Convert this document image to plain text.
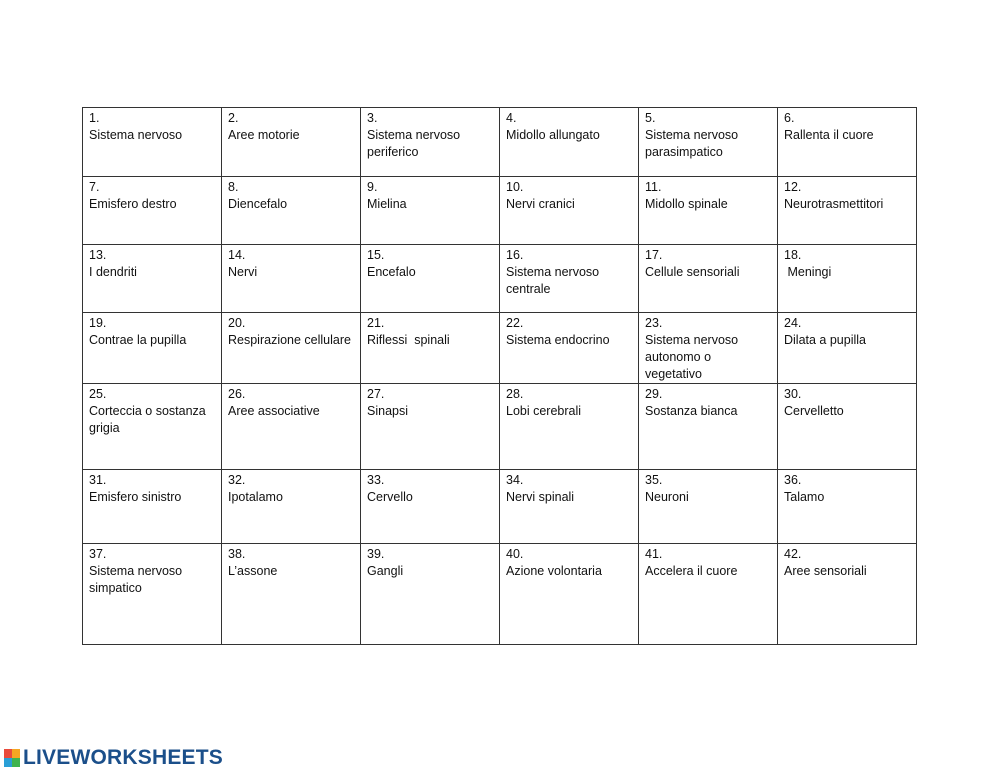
1.
Sistema nervoso	2.
Aree motorie	3.
Sistema nervoso periferico	4.
Midollo allungato	5.
Sistema nervoso parasimpatico	6.
Rallenta il cuore

7.
Emisfero destro	8.
Diencefalo	9.
Mielina	10.
Nervi cranici	11.
Midollo spinale	12.
Neurotrasmettitori

13.
I dendriti	14.
Nervi	15.
Encefalo	16.
Sistema nervoso centrale	17.
Cellule sensoriali	18.
Meningi

19.
Contrae la pupilla	20.
Respirazione cellulare	21.
Riflessi  spinali	22.
Sistema endocrino	23.
Sistema nervoso autonomo o vegetativo	24.
Dilata a pupilla

25.
Corteccia o sostanza grigia	26.
Aree associative	27.
Sinapsi	28.
Lobi cerebrali	29.
Sostanza bianca	30.
Cervelletto

31.
Emisfero sinistro	32.
Ipotalamo	33.
Cervello	34.
Nervi spinali	35.
Neuroni	36.
Talamo

37.
Sistema nervoso simpatico	38.
L’assone	39.
Gangli	40.
Azione volontaria	41.
Accelera il cuore	42.
Aree sensoriali
LIVEWORKSHEETS
